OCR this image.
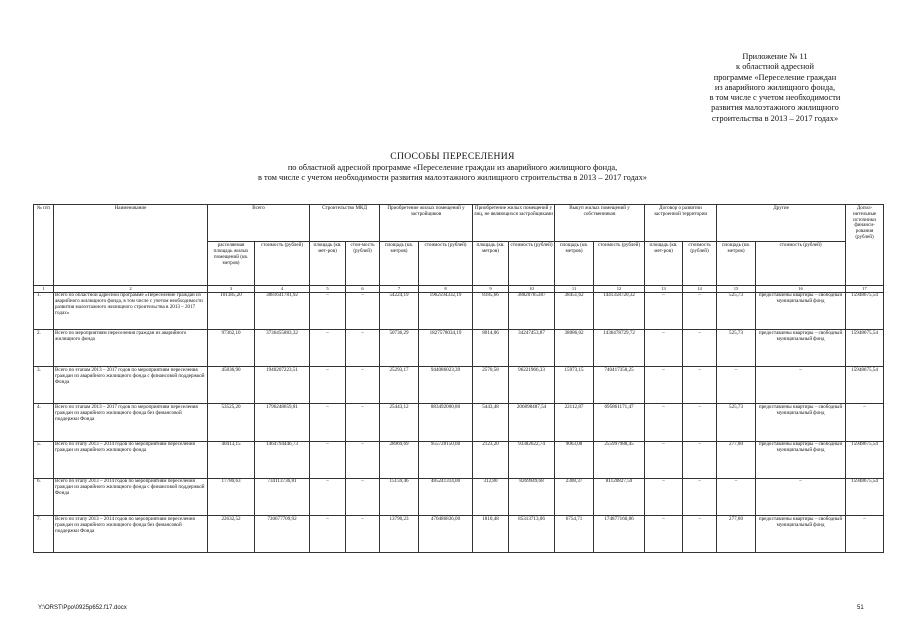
Приложение № 11
к областной адресной
программе «Переселение граждан
из аварийного жилищного фонда,
в том числе с учетом необходимости
развития малоэтажного жилищного
строительства в 2013 – 2017 годах»
СПОСОБЫ ПЕРЕСЕЛЕНИЯ
по областной адресной программе «Переселение граждан из аварийного жилищного фонда,
в том числе с учетом необходимости развития малоэтажного жилищного строительства в 2013 – 2017 годах»
№ п/п	Наименование	Всего		Строительство МКД		Приобретение жилых помещений у застройщиков		Приобретение жилых помещений у лиц, не являющихся застройщиками		Выкуп жилых помещений у собственников		Договор о развитии застроенной территории		Другие		Допол-нительные источники финанси-рования (рублей)
		расселяемая площадь жилых помещений (кв. метров)	стоимость (рублей)	площадь (кв. мет-ров)	стои-мость (рублей)	площадь (кв. метров)	стоимость (рублей)	площадь (кв. метров)	стоимость (рублей)	площадь (кв. метров)	стоимость (рублей)	площадь (кв. мет-ров)	стоимость (рублей)	площадь (кв. метров)	стоимость (рублей)	
1	2	3	4	5	6	7	8	9	10	11	12	13	14	15	16	17
1.	Всего по областной адресной программе «Переселение граждан из аварийного жилищного фонда, в том числе с учетом необходимости развития малоэтажного жилищного строительства в 2013 – 2017 годах»	101385,20	3881641781,92	–	–	54224,19	1962594332,19	8185,66	38820765387	38451,62	1441358720,32	–	–	525,73	предоставлены квартиры – свободный муниципальный фонд	15948675,54
2.	Всего по мероприятиям переселения граждан из аварийного жилищного фонда	97362,10	3736455883,32	–	–	50736,29	1827578034,19	8014,06	34247453,87	38086,02	1436478729,72	–	–	525,73	предоставлены квартиры – свободный муниципальный фонд	15948675,54
3.	Всего по этапам 2013 – 2017 годов по мероприятиям переселения граждан из аварийного жилищного фонда с финансовой поддержкой Фонда	45836,90	1940207223,51	–	–	25293,17	944086023,39	2570,58	96221966,33	15973,15	740417358,25	–	–	–	–	15948675,54
4.	Всего по этапам 2013 – 2017 годов по мероприятиям переселения граждан из аварийного жилищного фонда без финансовой поддержки Фонда	53525,20	1796248659,81	–	–	25443,12	883492000,80	5443,48	206898487,54	22112,87	695861171,47	–	–	525,73	предоставлены квартиры – свободный муниципальный фонд	–
5.	Всего по этапу 2013 – 2014 годов по мероприятиям переселения граждан из аварийного жилищного фонда	40413,15	1464794446,73	–	–	28969,69	955728150,00	2123,20	93382622,74	9063,08	255997988,45	–	–	277,80	предоставлены квартиры – свободный муниципальный фонд	15948675,54
6.	Всего по этапу 2013 – 2014 годов по мероприятиям переселения граждан из аварийного жилищного фонда с финансовой поддержкой Фонда	17780,63	734113736,81	–	–	15159,46	485241314,00	312,80	8269949,68	2308,37	81120827,59	–	–	–	–	15948675,54
7.	Всего по этапу 2013 – 2014 годов по мероприятиям переселения граждан из аварийного жилищного фонда без финансовой поддержки Фонда	22632,52	730677709,92	–	–	13790,23	470486836,00	1810,48	85313713,06	6754,71	174877160,86	–	–	277,80	предоставлены квартиры – свободный муниципальный фонд	–
Y:\ORST\Ppo\0925p652.f17.docx	51
